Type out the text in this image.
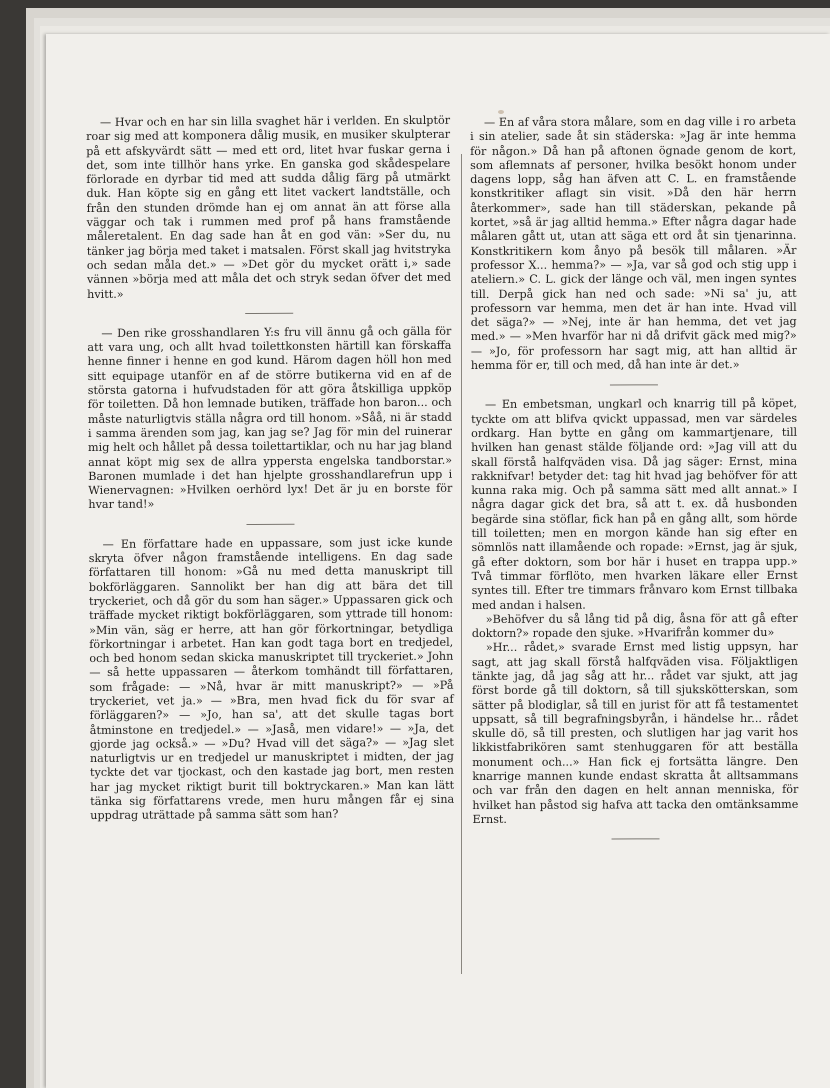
— Hvar och en har sin lilla svaghet här i verlden. En skulptör roar sig med att komponera dålig musik, en musiker skulpterar på ett afskyvärdt sätt — med ett ord, litet hvar fuskar gerna i det, som inte tillhör hans yrke. En ganska god skådespelare förlorade en dyrbar tid med att sudda dålig färg på utmärkt duk. Han köpte sig en gång ett litet vackert landtställe, och från den stunden drömde han ej om annat än att förse alla väggar och tak i rummen med prof på hans framstående måleretalent. En dag sade han åt en god vän: »Ser du, nu tänker jag börja med taket i matsalen. Först skall jag hvitstryka och sedan måla det.» — »Det gör du mycket orätt i,» sade vännen »börja med att måla det och stryk sedan öfver det med hvitt.»

— Den rike grosshandlaren Y:s fru vill ännu gå och gälla för att vara ung, och allt hvad toilettkonsten härtill kan förskaffa henne finner i henne en god kund. Härom dagen höll hon med sitt equipage utanför en af de större butikerna vid en af de största gatorna i hufvudstaden för att göra åtskilliga uppköp för toiletten. Då hon lemnade butiken, träffade hon baron... och måste naturligtvis ställa några ord till honom. »Såå, ni är stadd i samma ärenden som jag, kan jag se? Jag för min del ruinerar mig helt och hållet på dessa toilettartiklar, och nu har jag bland annat köpt mig sex de allra yppersta engelska tandborstar.» Baronen mumlade i det han hjelpte grosshandlarefrun upp i Wienervagnen: »Hvilken oerhörd lyx! Det är ju en borste för hvar tand!»

— En författare hade en uppassare, som just icke kunde skryta öfver någon framstående intelligens. En dag sade författaren till honom: »Gå nu med detta manuskript till bokförläggaren. Sannolikt ber han dig att bära det till tryckeriet, och då gör du som han säger.» Uppassaren gick och träffade mycket riktigt bokförläggaren, som yttrade till honom: »Min vän, säg er herre, att han gör förkortningar, betydliga förkortningar i arbetet. Han kan godt taga bort en tredjedel, och bed honom sedan skicka manuskriptet till tryckeriet.» John — så hette uppassaren — återkom tomhändt till författaren, som frågade: — »Nå, hvar är mitt manuskript?» — »På tryckeriet, vet ja.» — »Bra, men hvad fick du för svar af förläggaren?» — »Jo, han sa', att det skulle tagas bort åtminstone en tredjedel.» — »Jaså, men vidare!» — »Ja, det gjorde jag också.» — »Du? Hvad vill det säga?» — »Jag slet naturligtvis ur en tredjedel ur manuskriptet i midten, der jag tyckte det var tjockast, och den kastade jag bort, men resten har jag mycket riktigt burit till boktryckaren.» Man kan lätt tänka sig författarens vrede, men huru mången får ej sina uppdrag uträttade på samma sätt som han?

— En af våra stora målare, som en dag ville i ro arbeta i sin atelier, sade åt sin städerska: »Jag är inte hemma för någon.» Då han på aftonen ögnade genom de kort, som aflemnats af personer, hvilka besökt honom under dagens lopp, såg han äfven att C. L. en framstående konstkritiker aflagt sin visit. »Då den här herrn återkommer», sade han till städerskan, pekande på kortet, »så är jag alltid hemma.» Efter några dagar hade målaren gått ut, utan att säga ett ord åt sin tjenarinna. Konstkritikern kom ånyo på besök till målaren. »Är professor X... hemma?» — »Ja, var så god och stig upp i ateliern.» C. L. gick der länge och väl, men ingen syntes till. Derpå gick han ned och sade: »Ni sa' ju, att professorn var hemma, men det är han inte. Hvad vill det säga?» — »Nej, inte är han hemma, det vet jag med.» — »Men hvarför har ni då drifvit gäck med mig?» — »Jo, för professorn har sagt mig, att han alltid är hemma för er, till och med, då han inte är det.»

— En embetsman, ungkarl och knarrig till på köpet, tyckte om att blifva qvickt uppassad, men var särdeles ordkarg. Han bytte en gång om kammartjenare, till hvilken han genast stälde följande ord: »Jag vill att du skall förstå halfqväden visa. Då jag säger: Ernst, mina rakknifvar! betyder det: tag hit hvad jag behöfver för att kunna raka mig. Och på samma sätt med allt annat.» I några dagar gick det bra, så att t. ex. då husbonden begärde sina stöflar, fick han på en gång allt, som hörde till toiletten; men en morgon kände han sig efter en sömnlös natt illamående och ropade: »Ernst, jag är sjuk, gå efter doktorn, som bor här i huset en trappa upp.» Två timmar förflöto, men hvarken läkare eller Ernst syntes till. Efter tre timmars frånvaro kom Ernst tillbaka med andan i halsen.

»Behöfver du så lång tid på dig, åsna för att gå efter doktorn?» ropade den sjuke. »Hvarifrån kommer du»

»Hr... rådet,» svarade Ernst med listig uppsyn, har sagt, att jag skall förstå halfqväden visa. Följaktligen tänkte jag, då jag såg att hr... rådet var sjukt, att jag först borde gå till doktorn, så till sjukskötterskan, som sätter på blodiglar, så till en jurist för att få testamentet uppsatt, så till begrafningsbyrån, i händelse hr... rådet skulle dö, så till presten, och slutligen har jag varit hos likkistfabrikören samt stenhuggaren för att beställa monument och...» Han fick ej fortsätta längre. Den knarrige mannen kunde endast skratta åt alltsammans och var från den dagen en helt annan menniska, för hvilket han påstod sig hafva att tacka den omtänksamme Ernst.
